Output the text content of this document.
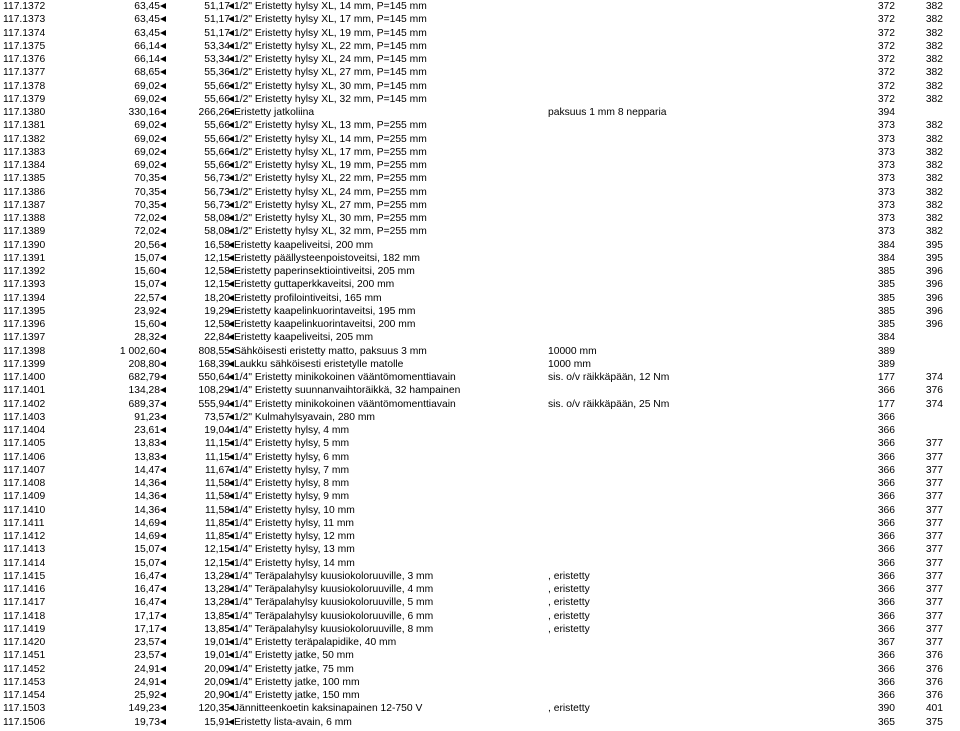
117.1372	63,45	51,17 1/2" Eristetty hylsy XL, 14 mm, P=145 mm	372	382
117.1373	63,45	51,17 1/2" Eristetty hylsy XL, 17 mm, P=145 mm	372	382
117.1374	63,45	51,17 1/2" Eristetty hylsy XL, 19 mm, P=145 mm	372	382
117.1375	66,14	53,34 1/2" Eristetty hylsy XL, 22 mm, P=145 mm	372	382
117.1376	66,14	53,34 1/2" Eristetty hylsy XL, 24 mm, P=145 mm	372	382
117.1377	68,65	55,36 1/2" Eristetty hylsy XL, 27 mm, P=145 mm	372	382
117.1378	69,02	55,66 1/2" Eristetty hylsy XL, 30 mm, P=145 mm	372	382
117.1379	69,02	55,66 1/2" Eristetty hylsy XL, 32 mm, P=145 mm	372	382
117.1380	330,16	266,26 Eristetty jatkoliina	paksuus 1 mm 8 nepparia	394
117.1381	69,02	55,66 1/2" Eristetty hylsy XL, 13 mm, P=255 mm	373	382
117.1382	69,02	55,66 1/2" Eristetty hylsy XL, 14 mm, P=255 mm	373	382
117.1383	69,02	55,66 1/2" Eristetty hylsy XL, 17 mm, P=255 mm	373	382
117.1384	69,02	55,66 1/2" Eristetty hylsy XL, 19 mm, P=255 mm	373	382
117.1385	70,35	56,73 1/2" Eristetty hylsy XL, 22 mm, P=255 mm	373	382
117.1386	70,35	56,73 1/2" Eristetty hylsy XL, 24 mm, P=255 mm	373	382
117.1387	70,35	56,73 1/2" Eristetty hylsy XL, 27 mm, P=255 mm	373	382
117.1388	72,02	58,08 1/2" Eristetty hylsy XL, 30 mm, P=255 mm	373	382
117.1389	72,02	58,08 1/2" Eristetty hylsy XL, 32 mm, P=255 mm	373	382
117.1390	20,56	16,58 Eristetty kaapeliveitsi, 200 mm	384	395
117.1391	15,07	12,15 Eristetty päällysteenpoistoveitsi, 182 mm	384	395
117.1392	15,60	12,58 Eristetty paperinsektiointiveitsi, 205 mm	385	396
117.1393	15,07	12,15 Eristetty guttaperkkaveitsi, 200 mm	385	396
117.1394	22,57	18,20 Eristetty profilointiveitsi, 165 mm	385	396
117.1395	23,92	19,29 Eristetty kaapelinkuorintaveitsi, 195 mm	385	396
117.1396	15,60	12,58 Eristetty kaapelinkuorintaveitsi, 200 mm	385	396
117.1397	28,32	22,84 Eristetty kaapeliveitsi, 205 mm	384
117.1398	1 002,60	808,55 Sähköisesti eristetty matto, paksuus 3 mm	10000 mm	389
117.1399	208,80	168,39 Laukku sähköisesti eristetylle matolle	1000 mm	389
117.1400	682,79	550,64 1/4" Eristetty minikokoinen vääntömomenttiavain	sis. o/v räikkäpään, 12 Nm	177	374
117.1401	134,28	108,29 1/4" Eristetty suunnanvaihtoräikkä, 32 hampainen	366	376
117.1402	689,37	555,94 1/4" Eristetty minikokoinen vääntömomenttiavain	sis. o/v räikkäpään, 25 Nm	177	374
117.1403	91,23	73,57 1/2" Kulmahylsyavain, 280 mm	366
117.1404	23,61	19,04 1/4" Eristetty hylsy, 4 mm	366
117.1405	13,83	11,15 1/4" Eristetty hylsy, 5 mm	366	377
117.1406	13,83	11,15 1/4" Eristetty hylsy, 6 mm	366	377
117.1407	14,47	11,67 1/4" Eristetty hylsy, 7 mm	366	377
117.1408	14,36	11,58 1/4" Eristetty hylsy, 8 mm	366	377
117.1409	14,36	11,58 1/4" Eristetty hylsy, 9 mm	366	377
117.1410	14,36	11,58 1/4" Eristetty hylsy, 10 mm	366	377
117.1411	14,69	11,85 1/4" Eristetty hylsy, 11 mm	366	377
117.1412	14,69	11,85 1/4" Eristetty hylsy, 12 mm	366	377
117.1413	15,07	12,15 1/4" Eristetty hylsy, 13 mm	366	377
117.1414	15,07	12,15 1/4" Eristetty hylsy, 14 mm	366	377
117.1415	16,47	13,28 1/4" Teräpalahylsy kuusiokoloruuville, 3 mm	, eristetty	366	377
117.1416	16,47	13,28 1/4" Teräpalahylsy kuusiokoloruuville, 4 mm	, eristetty	366	377
117.1417	16,47	13,28 1/4" Teräpalahylsy kuusiokoloruuville, 5 mm	, eristetty	366	377
117.1418	17,17	13,85 1/4" Teräpalahylsy kuusiokoloruuville, 6 mm	, eristetty	366	377
117.1419	17,17	13,85 1/4" Teräpalahylsy kuusiokoloruuville, 8 mm	, eristetty	366	377
117.1420	23,57	19,01 1/4" Eristetty teräpalapidike, 40 mm	367	377
117.1451	23,57	19,01 1/4" Eristetty jatke, 50 mm	366	376
117.1452	24,91	20,09 1/4" Eristetty jatke, 75 mm	366	376
117.1453	24,91	20,09 1/4" Eristetty jatke, 100 mm	366	376
117.1454	25,92	20,90 1/4" Eristetty jatke, 150 mm	366	376
117.1503	149,23	120,35 Jännitteenkoetin kaksinapainen 12-750 V	, eristetty	390	401
117.1506	19,73	15,91 Eristetty lista-avain, 6 mm	365	375
